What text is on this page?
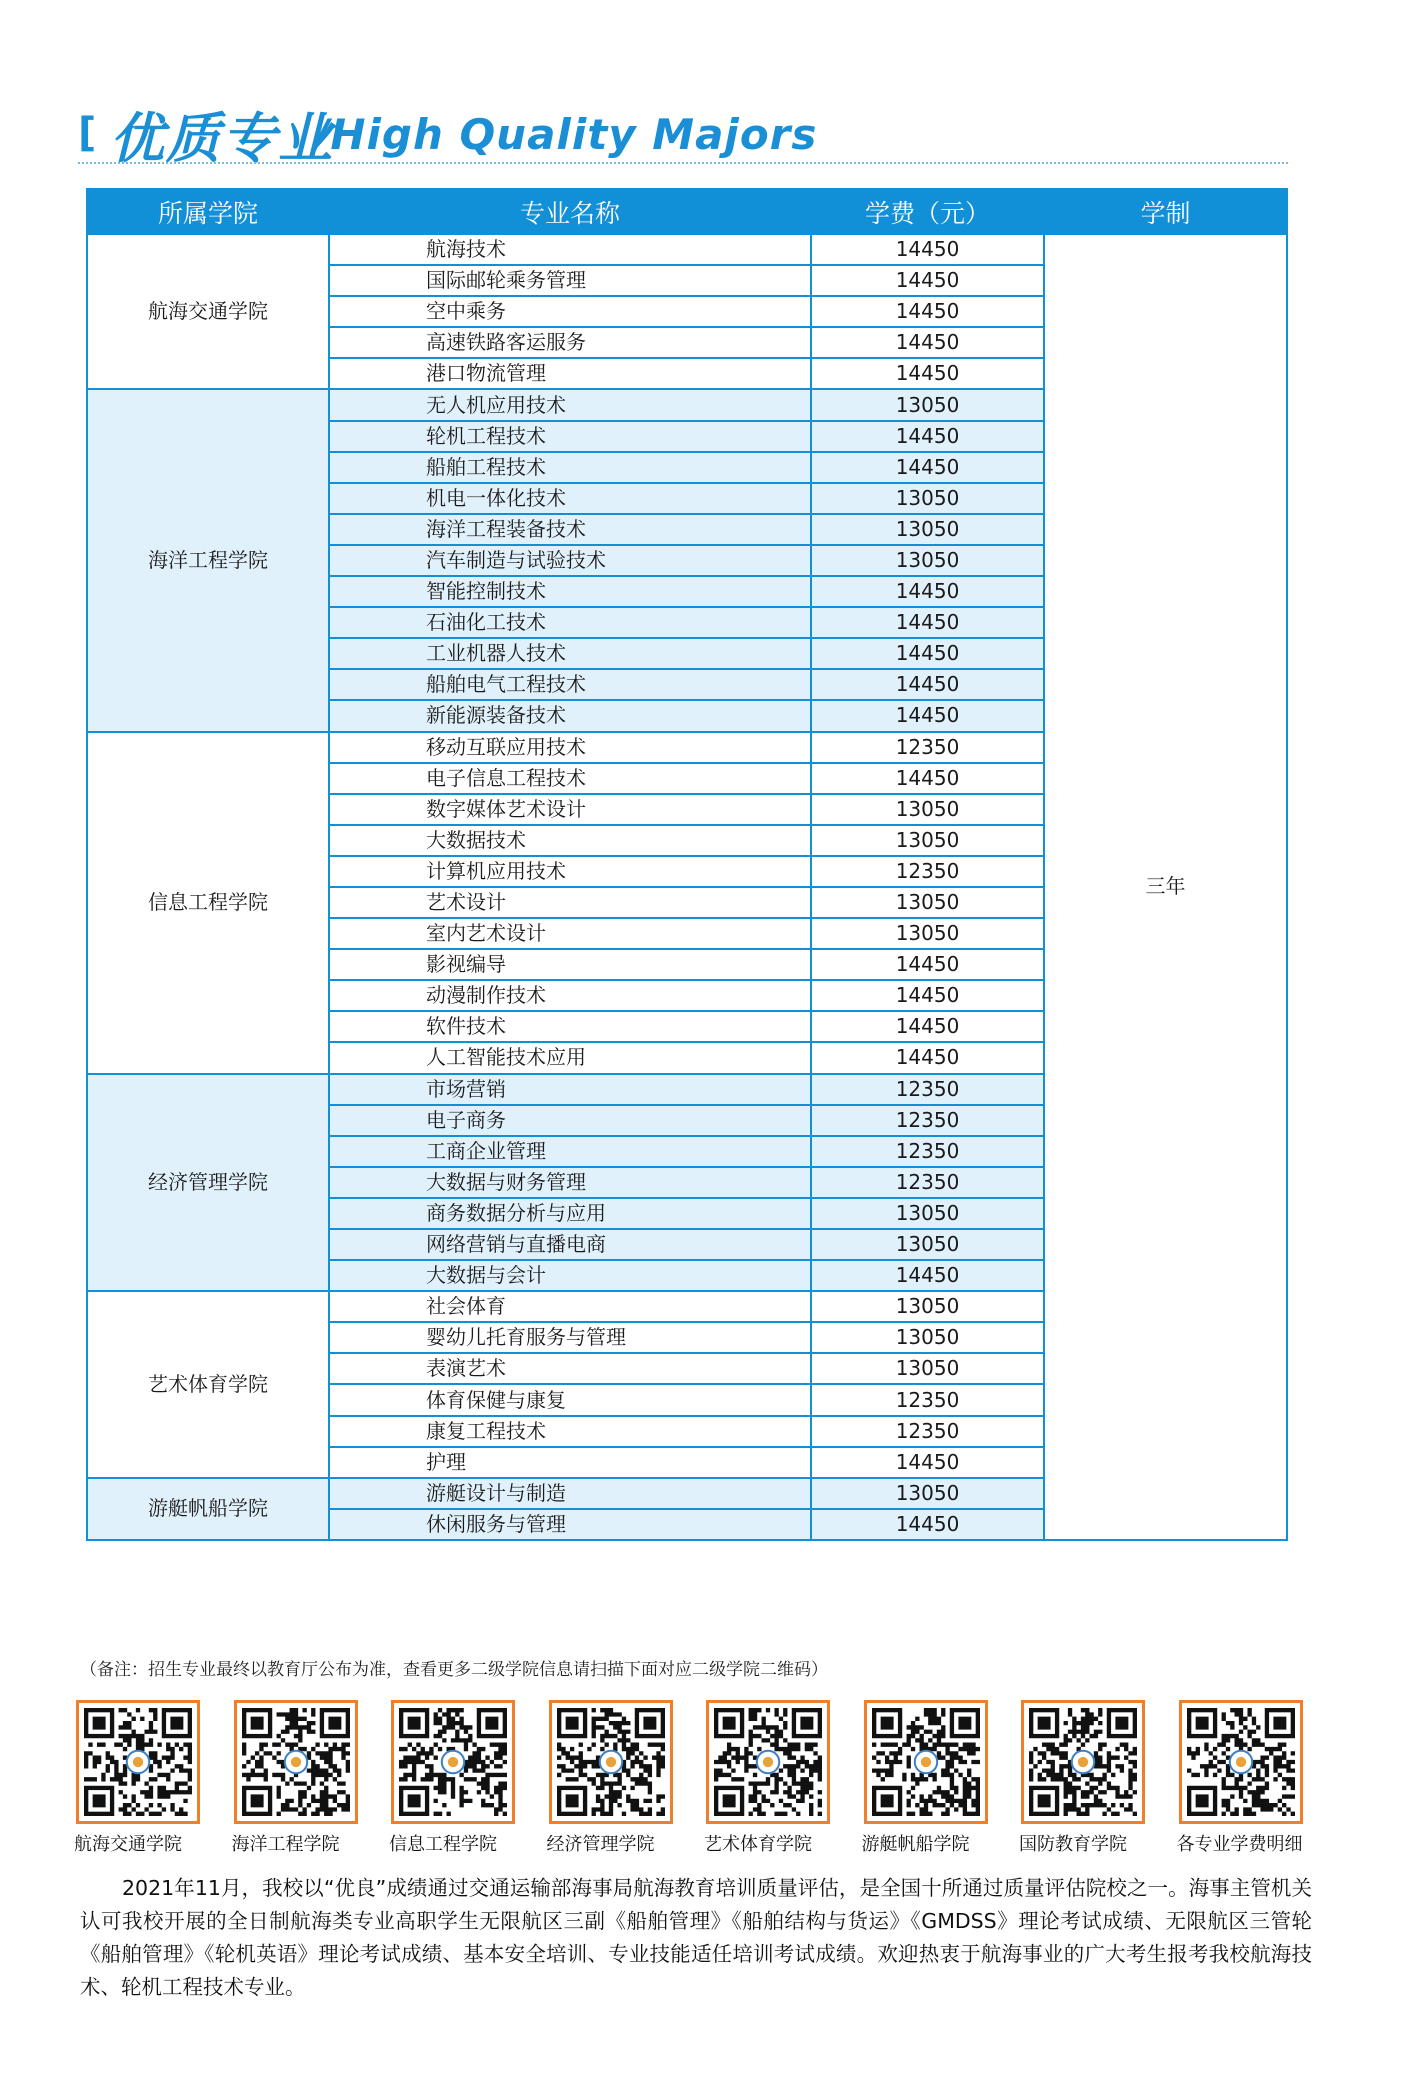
[ 优质专业
/High Quality Majors
所属学院	专业名称	学费（元）	学制
航海交通学院	航海技术	14450	三年
	国际邮轮乘务管理	14450	
	空中乘务	14450	
	高速铁路客运服务	14450	
	港口物流管理	14450	
海洋工程学院	无人机应用技术	13050	
	轮机工程技术	14450	
	船舶工程技术	14450	
	机电一体化技术	13050	
	海洋工程装备技术	13050	
	汽车制造与试验技术	13050	
	智能控制技术	14450	
	石油化工技术	14450	
	工业机器人技术	14450	
	船舶电气工程技术	14450	
	新能源装备技术	14450	
信息工程学院	移动互联应用技术	12350	
	电子信息工程技术	14450	
	数字媒体艺术设计	13050	
	大数据技术	13050	
	计算机应用技术	12350	
	艺术设计	13050	
	室内艺术设计	13050	
	影视编导	14450	
	动漫制作技术	14450	
	软件技术	14450	
	人工智能技术应用	14450	
经济管理学院	市场营销	12350	
	电子商务	12350	
	工商企业管理	12350	
	大数据与财务管理	12350	
	商务数据分析与应用	13050	
	网络营销与直播电商	13050	
	大数据与会计	14450	
艺术体育学院	社会体育	13050	
	婴幼儿托育服务与管理	13050	
	表演艺术	13050	
	体育保健与康复	12350	
	康复工程技术	12350	
	护理	14450	
游艇帆船学院	游艇设计与制造	13050	
	休闲服务与管理	14450	
（备注：招生专业最终以教育厅公布为准，查看更多二级学院信息请扫描下面对应二级学院二维码）
航海交通学院	海洋工程学院	信息工程学院	经济管理学院	艺术体育学院	游艇帆船学院	国防教育学院	各专业学费明细
2021年11月，我校以“优良”成绩通过交通运输部海事局航海教育培训质量评估，是全国十所通过质量评估院校之一。海事主管机关认可我校开展的全日制航海类专业高职学生无限航区三副《船舶管理》《船舶结构与货运》《GMDSS》理论考试成绩、无限航区三管轮《船舶管理》《轮机英语》理论考试成绩、基本安全培训、专业技能适任培训考试成绩。欢迎热衷于航海事业的广大考生报考我校航海技术、轮机工程技术专业。
